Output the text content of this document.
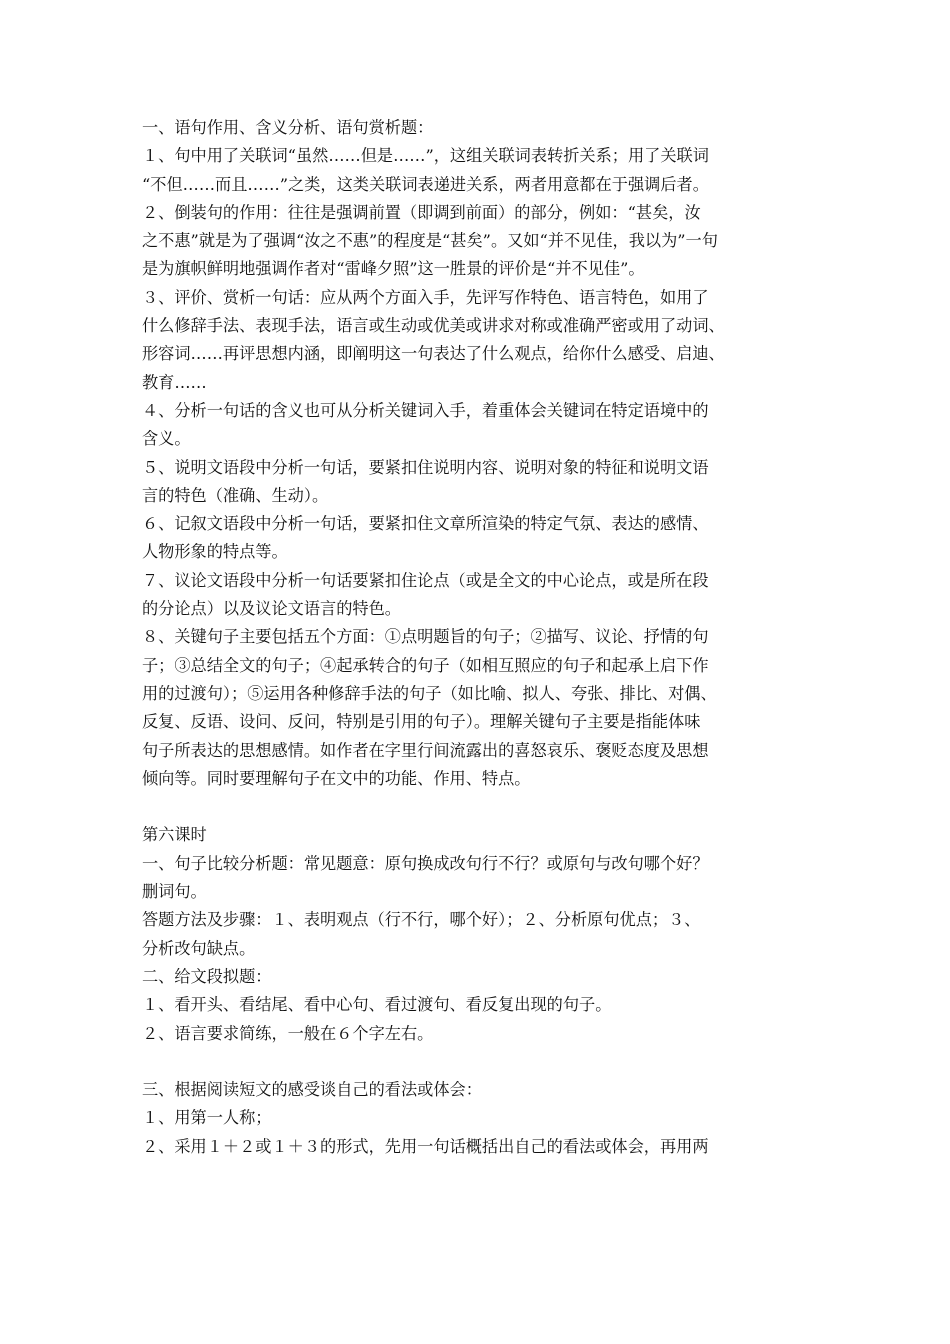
一、语句作用、含义分析、语句赏析题：
１、句中用了关联词“虽然……但是……”，这组关联词表转折关系；用了关联词
“不但……而且……”之类，这类关联词表递进关系，两者用意都在于强调后者。
２、倒装句的作用：往往是强调前置（即调到前面）的部分，例如：“甚矣，汝
之不惠”就是为了强调“汝之不惠”的程度是“甚矣”。又如“并不见佳，我以为”一句
是为旗帜鲜明地强调作者对“雷峰夕照”这一胜景的评价是“并不见佳”。
３、评价、赏析一句话：应从两个方面入手，先评写作特色、语言特色，如用了
什么修辞手法、表现手法，语言或生动或优美或讲求对称或准确严密或用了动词、
形容词……再评思想内涵，即阐明这一句表达了什么观点，给你什么感受、启迪、
教育……
４、分析一句话的含义也可从分析关键词入手，着重体会关键词在特定语境中的
含义。
５、说明文语段中分析一句话，要紧扣住说明内容、说明对象的特征和说明文语
言的特色（准确、生动）。
６、记叙文语段中分析一句话，要紧扣住文章所渲染的特定气氛、表达的感情、
人物形象的特点等。
７、议论文语段中分析一句话要紧扣住论点（或是全文的中心论点，或是所在段
的分论点）以及议论文语言的特色。
８、关键句子主要包括五个方面：①点明题旨的句子；②描写、议论、抒情的句
子；③总结全文的句子；④起承转合的句子（如相互照应的句子和起承上启下作
用的过渡句）；⑤运用各种修辞手法的句子（如比喻、拟人、夸张、排比、对偶、
反复、反语、设问、反问，特别是引用的句子）。理解关键句子主要是指能体味
句子所表达的思想感情。如作者在字里行间流露出的喜怒哀乐、褒贬态度及思想
倾向等。同时要理解句子在文中的功能、作用、特点。
第六课时
一、句子比较分析题：常见题意：原句换成改句行不行？或原句与改句哪个好？
删词句。
答题方法及步骤：１、表明观点（行不行，哪个好）；２、分析原句优点；３、
分析改句缺点。
二、给文段拟题：
１、看开头、看结尾、看中心句、看过渡句、看反复出现的句子。
２、语言要求简练，一般在６个字左右。
三、根据阅读短文的感受谈自己的看法或体会：
１、用第一人称；
２、采用１＋２或１＋３的形式，先用一句话概括出自己的看法或体会，再用两
